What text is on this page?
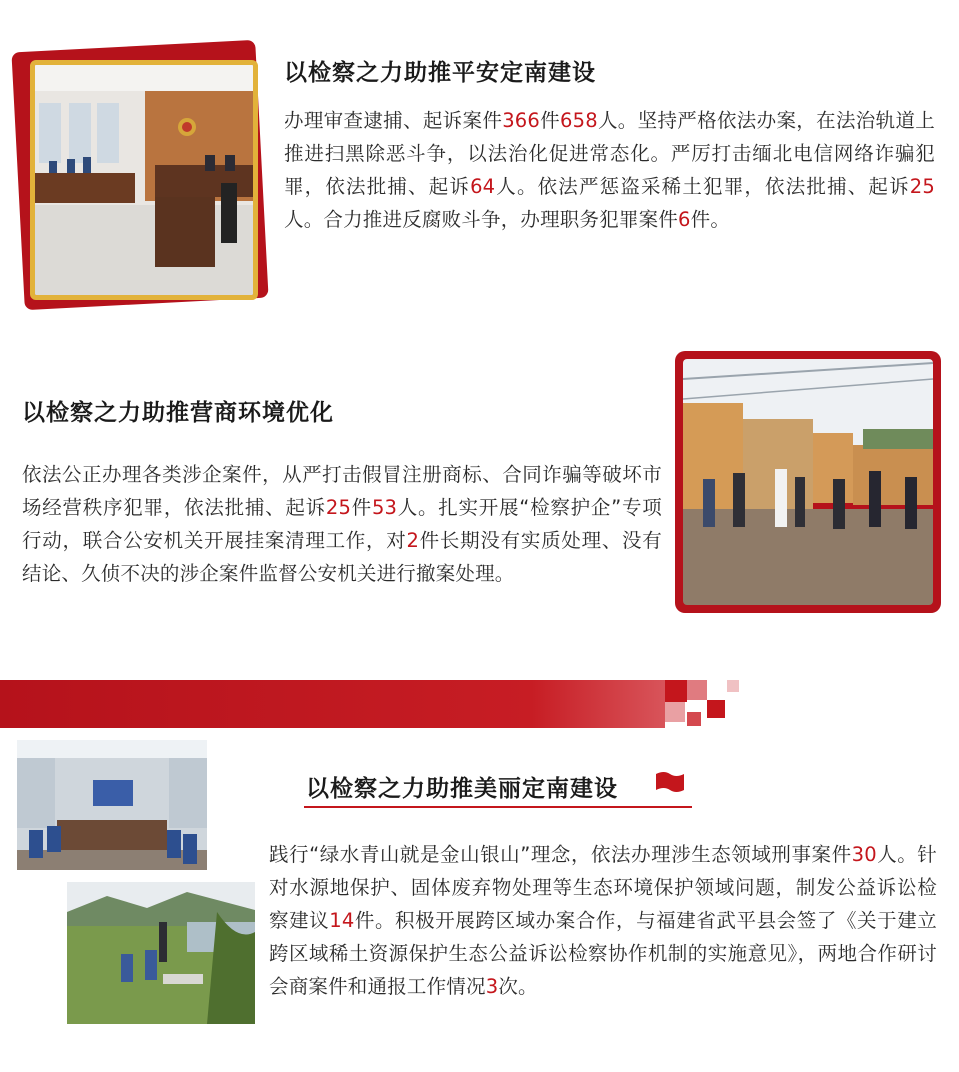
以检察之力助推平安定南建设

办理审查逮捕、起诉案件366件658人。坚持严格依法办案，在法治轨道上推进扫黑除恶斗争，以法治化促进常态化。严厉打击缅北电信网络诈骗犯罪，依法批捕、起诉64人。依法严惩盗采稀土犯罪，依法批捕、起诉25人。合力推进反腐败斗争，办理职务犯罪案件6件。

以检察之力助推营商环境优化

依法公正办理各类涉企案件，从严打击假冒注册商标、合同诈骗等破坏市场经营秩序犯罪，依法批捕、起诉25件53人。扎实开展“检察护企”专项行动，联合公安机关开展挂案清理工作，对2件长期没有实质处理、没有结论、久侦不决的涉企案件监督公安机关进行撤案处理。

以检察之力助推美丽定南建设

践行“绿水青山就是金山银山”理念，依法办理涉生态领域刑事案件30人。针对水源地保护、固体废弃物处理等生态环境保护领域问题，制发公益诉讼检察建议14件。积极开展跨区域办案合作，与福建省武平县会签了《关于建立跨区域稀土资源保护生态公益诉讼检察协作机制的实施意见》，两地合作研讨会商案件和通报工作情况3次。
